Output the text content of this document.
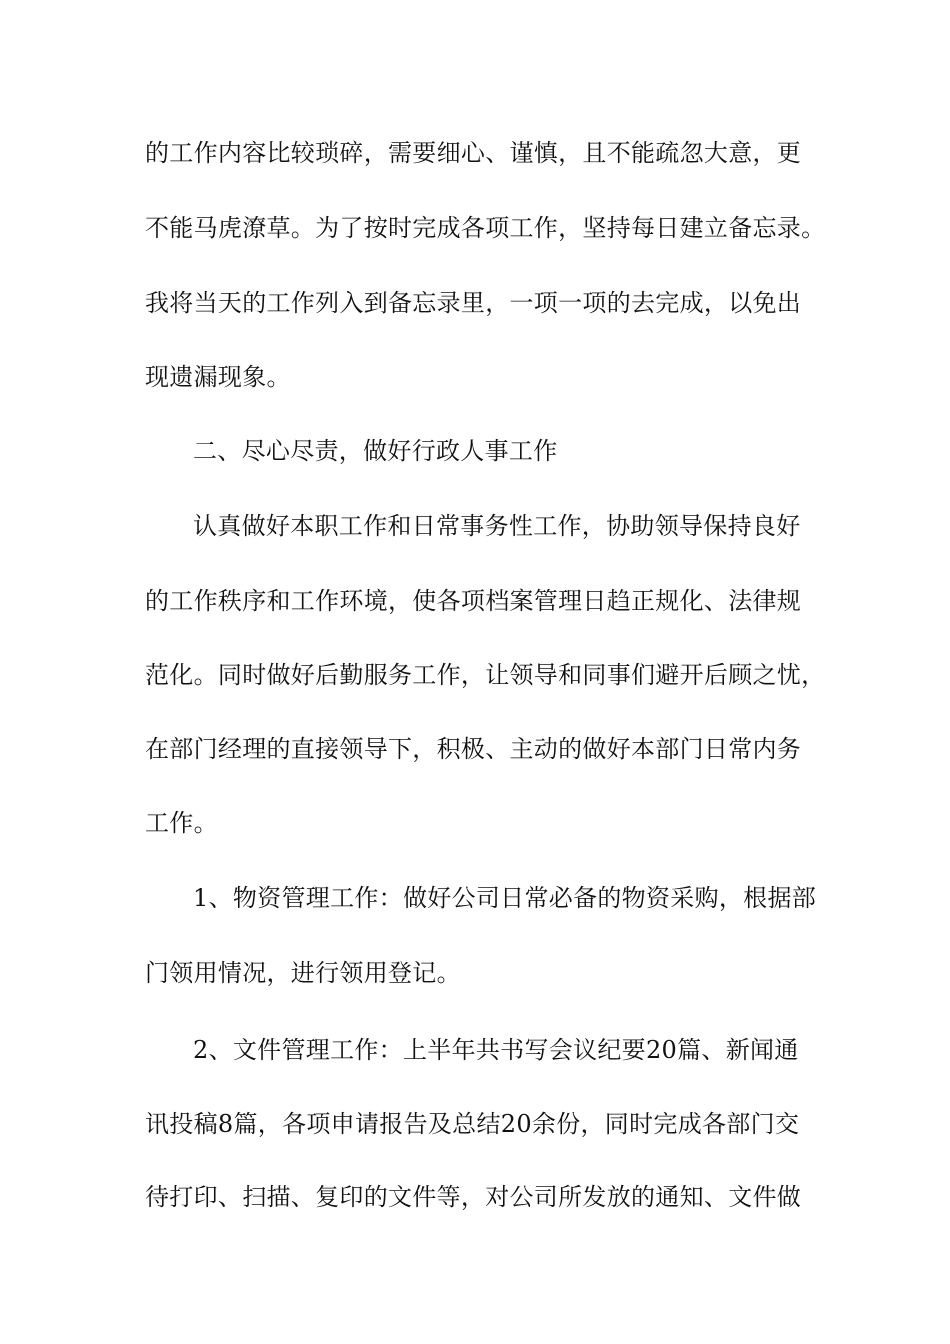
的工作内容比较琐碎，需要细心、谨慎，且不能疏忽大意，更
不能马虎潦草。为了按时完成各项工作，坚持每日建立备忘录。
我将当天的工作列入到备忘录里，一项一项的去完成，以免出
现遗漏现象。
二、尽心尽责，做好行政人事工作
认真做好本职工作和日常事务性工作，协助领导保持良好
的工作秩序和工作环境，使各项档案管理日趋正规化、法律规
范化。同时做好后勤服务工作，让领导和同事们避开后顾之忧，
在部门经理的直接领导下，积极、主动的做好本部门日常内务
工作。
1、物资管理工作：做好公司日常必备的物资采购，根据部
门领用情况，进行领用登记。
2、文件管理工作：上半年共书写会议纪要20篇、新闻通
讯投稿8篇，各项申请报告及总结20余份，同时完成各部门交
待打印、扫描、复印的文件等，对公司所发放的通知、文件做
